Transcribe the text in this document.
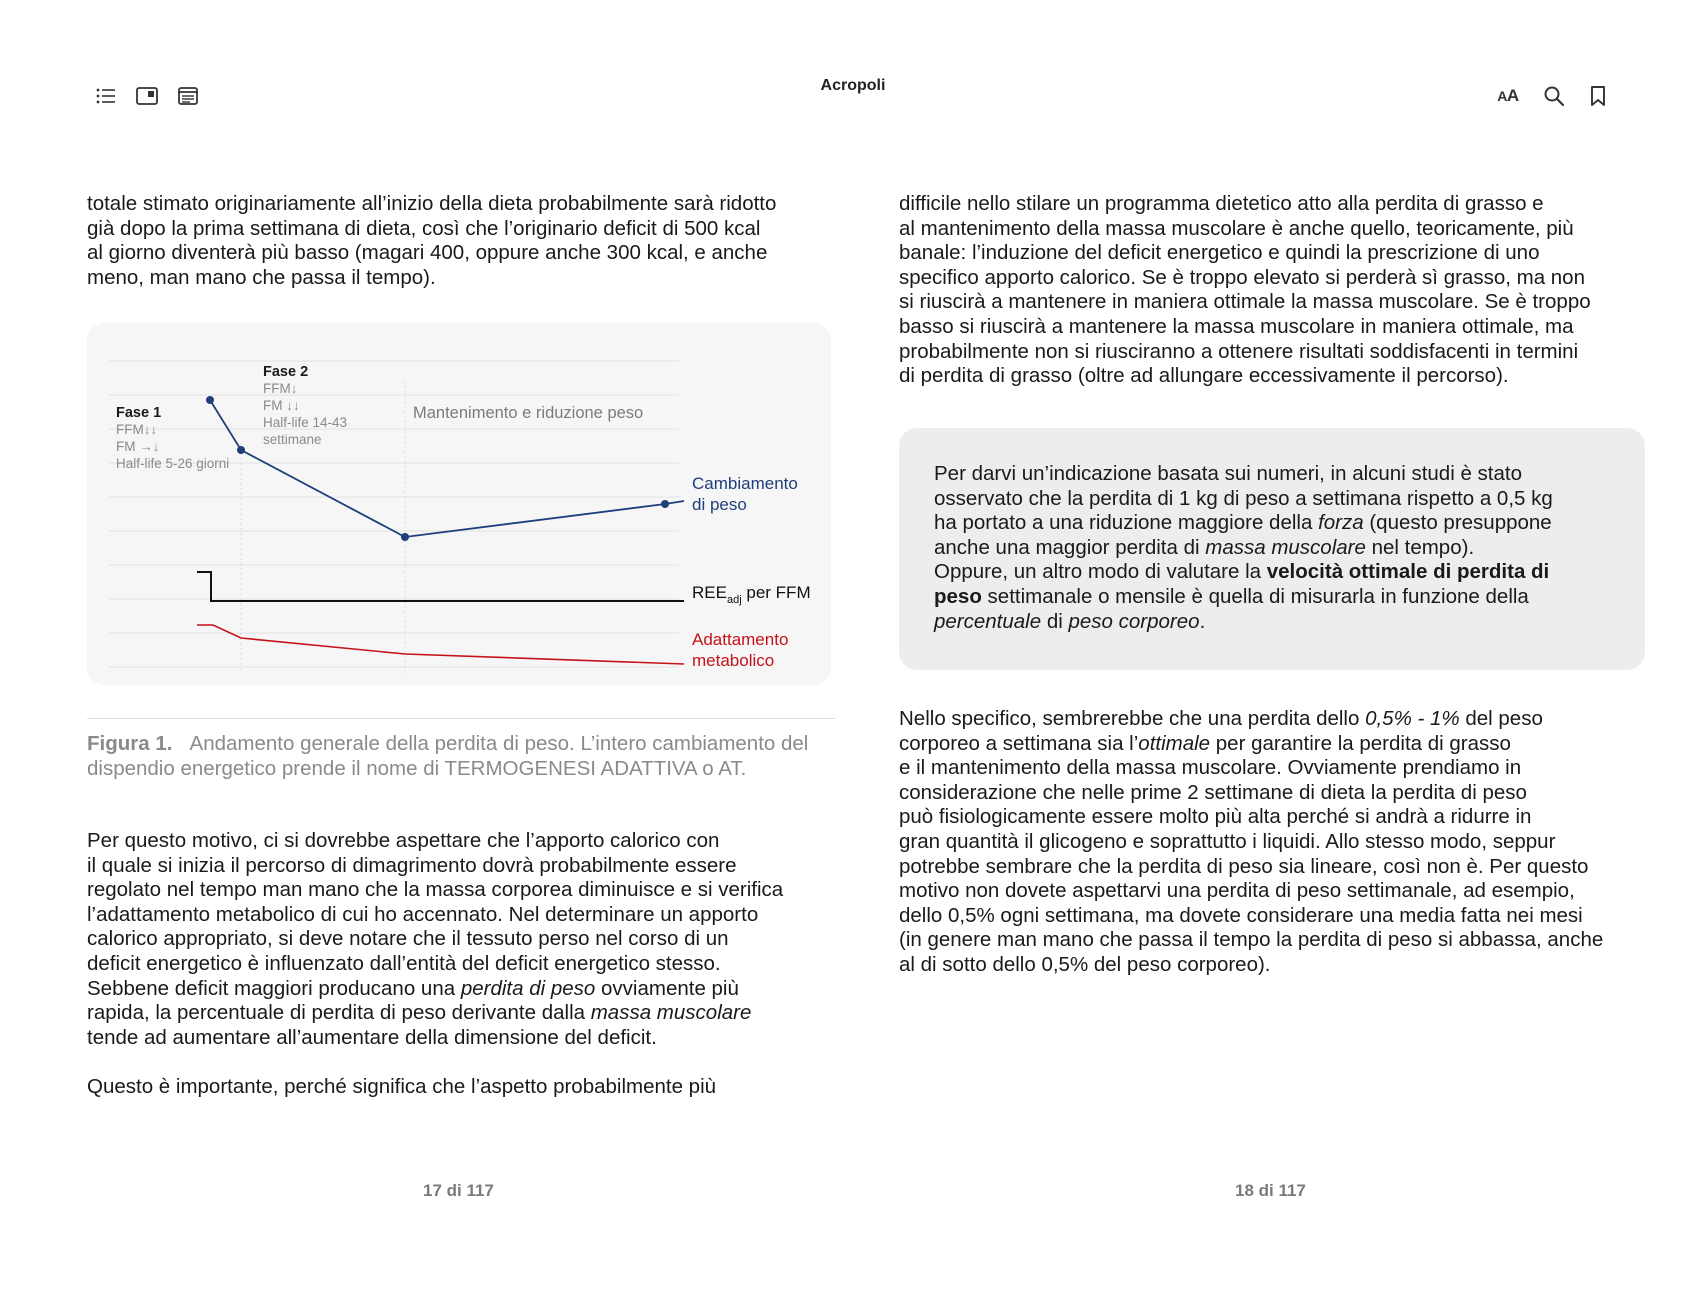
Acropoli
A A

totale stimato originariamente all’inizio della dieta probabilmente sarà ridotto
già dopo la prima settimana di dieta, così che l’originario deficit di 500 kcal
al giorno diventerà più basso (magari 400, oppure anche 300 kcal, e anche
meno, man mano che passa il tempo).

Fase 1
FFM↓↓
FM →↓
Half-life 5-26 giorni
Fase 2
FFM↓
FM ↓↓
Half-life 14-43
settimane
Mantenimento e riduzione peso
Cambiamento
di peso
$REE_{adj}$ per FFM
Adattamento
metabolico
Figura 1. Andamento generale della perdita di peso. L’intero cambiamento del dispendio energetico prende il nome di TERMOGENESI ADATTIVA o AT.

Per questo motivo, ci si dovrebbe aspettare che l’apporto calorico con
il quale si inizia il percorso di dimagrimento dovrà probabilmente essere
regolato nel tempo man mano che la massa corporea diminuisce e si verifica
l’adattamento metabolico di cui ho accennato. Nel determinare un apporto
calorico appropriato, si deve notare che il tessuto perso nel corso di un
deficit energetico è influenzato dall’entità del deficit energetico stesso.
Sebbene deficit maggiori producano una perdita di peso ovviamente più
rapida, la percentuale di perdita di peso derivante dalla massa muscolare
tende ad aumentare all’aumentare della dimensione del deficit.

Questo è importante, perché significa che l’aspetto probabilmente più

17 di 117

difficile nello stilare un programma dietetico atto alla perdita di grasso e
al mantenimento della massa muscolare è anche quello, teoricamente, più
banale: l’induzione del deficit energetico e quindi la prescrizione di uno
specifico apporto calorico. Se è troppo elevato si perderà sì grasso, ma non
si riuscirà a mantenere in maniera ottimale la massa muscolare. Se è troppo
basso si riuscirà a mantenere la massa muscolare in maniera ottimale, ma
probabilmente non si riusciranno a ottenere risultati soddisfacenti in termini
di perdita di grasso (oltre ad allungare eccessivamente il percorso).

Per darvi un’indicazione basata sui numeri, in alcuni studi è stato
osservato che la perdita di 1 kg di peso a settimana rispetto a 0,5 kg
ha portato a una riduzione maggiore della forza (questo presuppone
anche una maggior perdita di massa muscolare nel tempo).
Oppure, un altro modo di valutare la velocità ottimale di perdita di
peso settimanale o mensile è quella di misurarla in funzione della
percentuale di peso corporeo.

Nello specifico, sembrerebbe che una perdita dello 0,5% - 1% del peso
corporeo a settimana sia l’ottimale per garantire la perdita di grasso
e il mantenimento della massa muscolare. Ovviamente prendiamo in
considerazione che nelle prime 2 settimane di dieta la perdita di peso
può fisiologicamente essere molto più alta perché si andrà a ridurre in
gran quantità il glicogeno e soprattutto i liquidi. Allo stesso modo, seppur
potrebbe sembrare che la perdita di peso sia lineare, così non è. Per questo
motivo non dovete aspettarvi una perdita di peso settimanale, ad esempio,
dello 0,5% ogni settimana, ma dovete considerare una media fatta nei mesi
(in genere man mano che passa il tempo la perdita di peso si abbassa, anche
al di sotto dello 0,5% del peso corporeo).

18 di 117
